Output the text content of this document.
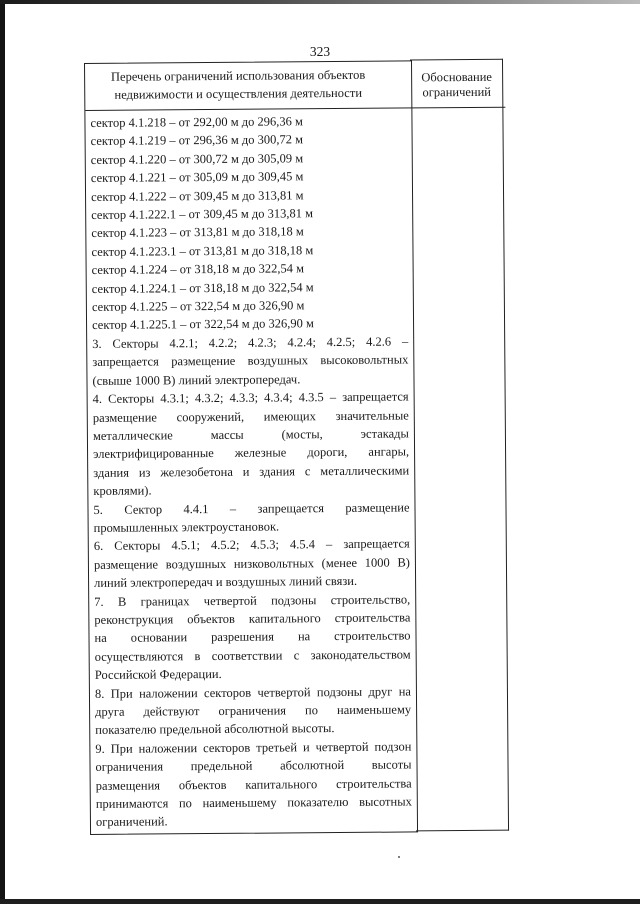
323
Перечень ограничений использования объектов недвижимости и осуществления деятельности
сектор 4.1.218 – от 292,00 м до 296,36 м
сектор 4.1.219 – от 296,36 м до 300,72 м
сектор 4.1.220 – от 300,72 м до 305,09 м
сектор 4.1.221 – от 305,09 м до 309,45 м
сектор 4.1.222 – от 309,45 м до 313,81 м
сектор 4.1.222.1 – от 309,45 м до 313,81 м
сектор 4.1.223 – от 313,81 м до 318,18 м
сектор 4.1.223.1 – от 313,81 м до 318,18 м
сектор 4.1.224 – от 318,18 м до 322,54 м
сектор 4.1.224.1 – от 318,18 м до 322,54 м
сектор 4.1.225 – от 322,54 м до 326,90 м
сектор 4.1.225.1 – от 322,54 м до 326,90 м
3. Секторы 4.2.1; 4.2.2; 4.2.3; 4.2.4; 4.2.5; 4.2.6 –
запрещается размещение воздушных высоковольтных
(свыше 1000 В) линий электропередач.
4. Секторы 4.3.1; 4.3.2; 4.3.3; 4.3.4; 4.3.5 – запрещается
размещение сооружений, имеющих значительные
металлические массы (мосты, эстакады
электрифицированные железные дороги, ангары,
здания из железобетона и здания с металлическими
кровлями).
5. Сектор 4.4.1 – запрещается размещение
промышленных электроустановок.
6. Секторы 4.5.1; 4.5.2; 4.5.3; 4.5.4 – запрещается
размещение воздушных низковольтных (менее 1000 В)
линий электропередач и воздушных линий связи.
7. В границах четвертой подзоны строительство,
реконструкция объектов капитального строительства
на основании разрешения на строительство
осуществляются в соответствии с законодательством
Российской Федерации.
8. При наложении секторов четвертой подзоны друг на
друга действуют ограничения по наименьшему
показателю предельной абсолютной высоты.
9. При наложении секторов третьей и четвертой подзон
ограничения предельной абсолютной высоты
размещения объектов капитального строительства
принимаются по наименьшему показателю высотных
ограничений.
Обоснование ограничений
